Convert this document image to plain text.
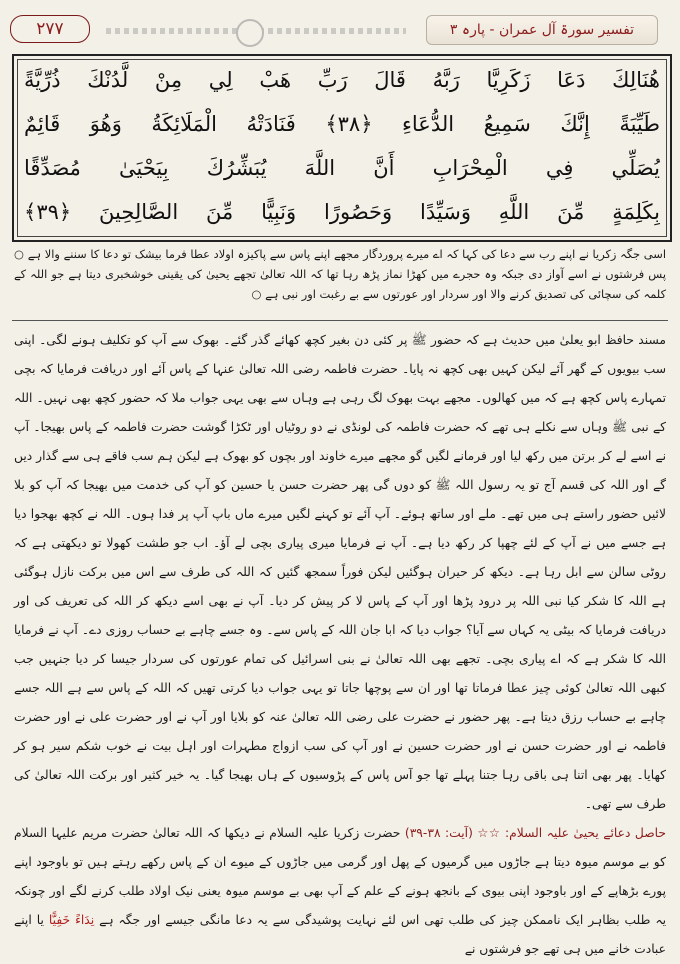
٢٧٧	تفسیر سورۃ آل عمران - پارہ ۳
هُنَالِكَ دَعَا زَكَرِيَّا رَبَّهُ قَالَ رَبِّ هَبْ لِي مِنْ لَّدُنْكَ ذُرِّيَّةً
طَيِّبَةً إِنَّكَ سَمِيعُ الدُّعَاءِ ﴿٣٨﴾ فَنَادَتْهُ الْمَلَائِكَةُ وَهُوَ قَائِمٌ
يُصَلِّي فِي الْمِحْرَابِ أَنَّ اللَّهَ يُبَشِّرُكَ بِيَحْيَىٰ مُصَدِّقًا
بِكَلِمَةٍ مِّنَ اللَّهِ وَسَيِّدًا وَحَصُورًا وَنَبِيًّا مِّنَ الصَّالِحِينَ ﴿٣٩﴾
اسی جگہ زکریا نے اپنے رب سے دعا کی کہا کہ اے میرے پروردگار مجھے اپنے پاس سے پاکیزہ اولاد عطا فرما بیشک تو دعا کا سننے والا ہے ○ پس فرشتوں نے اسے آواز دی جبکہ وہ حجرے میں کھڑا نماز پڑھ رہا تھا کہ اللہ تعالیٰ تجھے یحییٰ کی یقینی خوشخبری دیتا ہے جو اللہ کے کلمہ کی سچائی کی تصدیق کرنے والا اور سردار اور عورتوں سے بے رغبت اور نبی ہے ○

مسند حافظ ابو یعلیٰ میں حدیث ہے کہ حضور ﷺ پر کئی دن بغیر کچھ کھائے گذر گئے۔ بھوک سے آپ کو تکلیف ہونے لگی۔ اپنی سب بیویوں کے گھر آئے لیکن کہیں بھی کچھ نہ پایا۔ حضرت فاطمہ رضی اللہ تعالیٰ عنہا کے پاس آئے اور دریافت فرمایا کہ بچی تمہارے پاس کچھ ہے کہ میں کھالوں۔ مجھے بہت بھوک لگ رہی ہے وہاں سے بھی یہی جواب ملا کہ حضور کچھ بھی نہیں۔ اللہ کے نبی ﷺ وہاں سے نکلے ہی تھے کہ حضرت فاطمہ کی لونڈی نے دو روٹیاں اور ٹکڑا گوشت حضرت فاطمہ کے پاس بھیجا۔ آپ نے اسے لے کر برتن میں رکھ لیا اور فرمانے لگیں گو مجھے میرے خاوند اور بچوں کو بھوک ہے لیکن ہم سب فاقے ہی سے گذار دیں گے اور اللہ کی قسم آج تو یہ رسول اللہ ﷺ کو دوں گی پھر حضرت حسن یا حسین کو آپ کی خدمت میں بھیجا کہ آپ کو بلا لائیں حضور راستے ہی میں تھے۔ ملے اور ساتھ ہوئے۔ آپ آئے تو کہنے لگیں میرے ماں باپ آپ پر فدا ہوں۔ اللہ نے کچھ بھجوا دیا ہے جسے میں نے آپ کے لئے چھپا کر رکھ دیا ہے۔ آپ نے فرمایا میری پیاری بچی لے آؤ۔ اب جو طشت کھولا تو دیکھتی ہے کہ روٹی سالن سے ابل رہا ہے۔ دیکھ کر حیران ہوگئیں لیکن فوراً سمجھ گئیں کہ اللہ کی طرف سے اس میں برکت نازل ہوگئی ہے اللہ کا شکر کیا نبی اللہ پر درود پڑھا اور آپ کے پاس لا کر پیش کر دیا۔ آپ نے بھی اسے دیکھ کر اللہ کی تعریف کی اور دریافت فرمایا کہ بیٹی یہ کہاں سے آیا؟ جواب دیا کہ ابا جان اللہ کے پاس سے۔ وہ جسے چاہے بے حساب روزی دے۔ آپ نے فرمایا اللہ کا شکر ہے کہ اے پیاری بچی۔ تجھے بھی اللہ تعالیٰ نے بنی اسرائیل کی تمام عورتوں کی سردار جیسا کر دیا جنہیں جب کبھی اللہ تعالیٰ کوئی چیز عطا فرماتا تھا اور ان سے پوچھا جاتا تو یہی جواب دیا کرتی تھیں کہ اللہ کے پاس سے ہے اللہ جسے چاہے بے حساب رزق دیتا ہے۔ پھر حضور نے حضرت علی رضی اللہ تعالیٰ عنہ کو بلایا اور آپ نے اور حضرت علی نے اور حضرت فاطمہ نے اور حضرت حسن نے اور حضرت حسین نے اور آپ کی سب ازواج مطہرات اور اہل بیت نے خوب شکم سیر ہو کر کھایا۔ پھر بھی اتنا ہی باقی رہا جتنا پہلے تھا جو آس پاس کے پڑوسیوں کے ہاں بھیجا گیا۔ یہ خیر کثیر اور برکت اللہ تعالیٰ کی طرف سے تھی۔

حاصل دعائے یحییٰ علیہ السلام: ☆☆ (آیت: ۳۸-۳۹) حضرت زکریا علیہ السلام نے دیکھا کہ اللہ تعالیٰ حضرت مریم علیہا السلام کو بے موسم میوہ دیتا ہے جاڑوں میں گرمیوں کے پھل اور گرمی میں جاڑوں کے میوے ان کے پاس رکھے رہتے ہیں تو باوجود اپنے پورے بڑھاپے کے اور باوجود اپنی بیوی کے بانجھ ہونے کے علم کے آپ بھی بے موسم میوہ یعنی نیک اولاد طلب کرنے لگے اور چونکہ یہ طلب بظاہر ایک ناممکن چیز کی طلب تھی اس لئے نہایت پوشیدگی سے یہ دعا مانگی جیسے اور جگہ ہے نِدَاءً خَفِيًّا یا اپنے عبادت خانے میں ہی تھے جو فرشتوں نے
